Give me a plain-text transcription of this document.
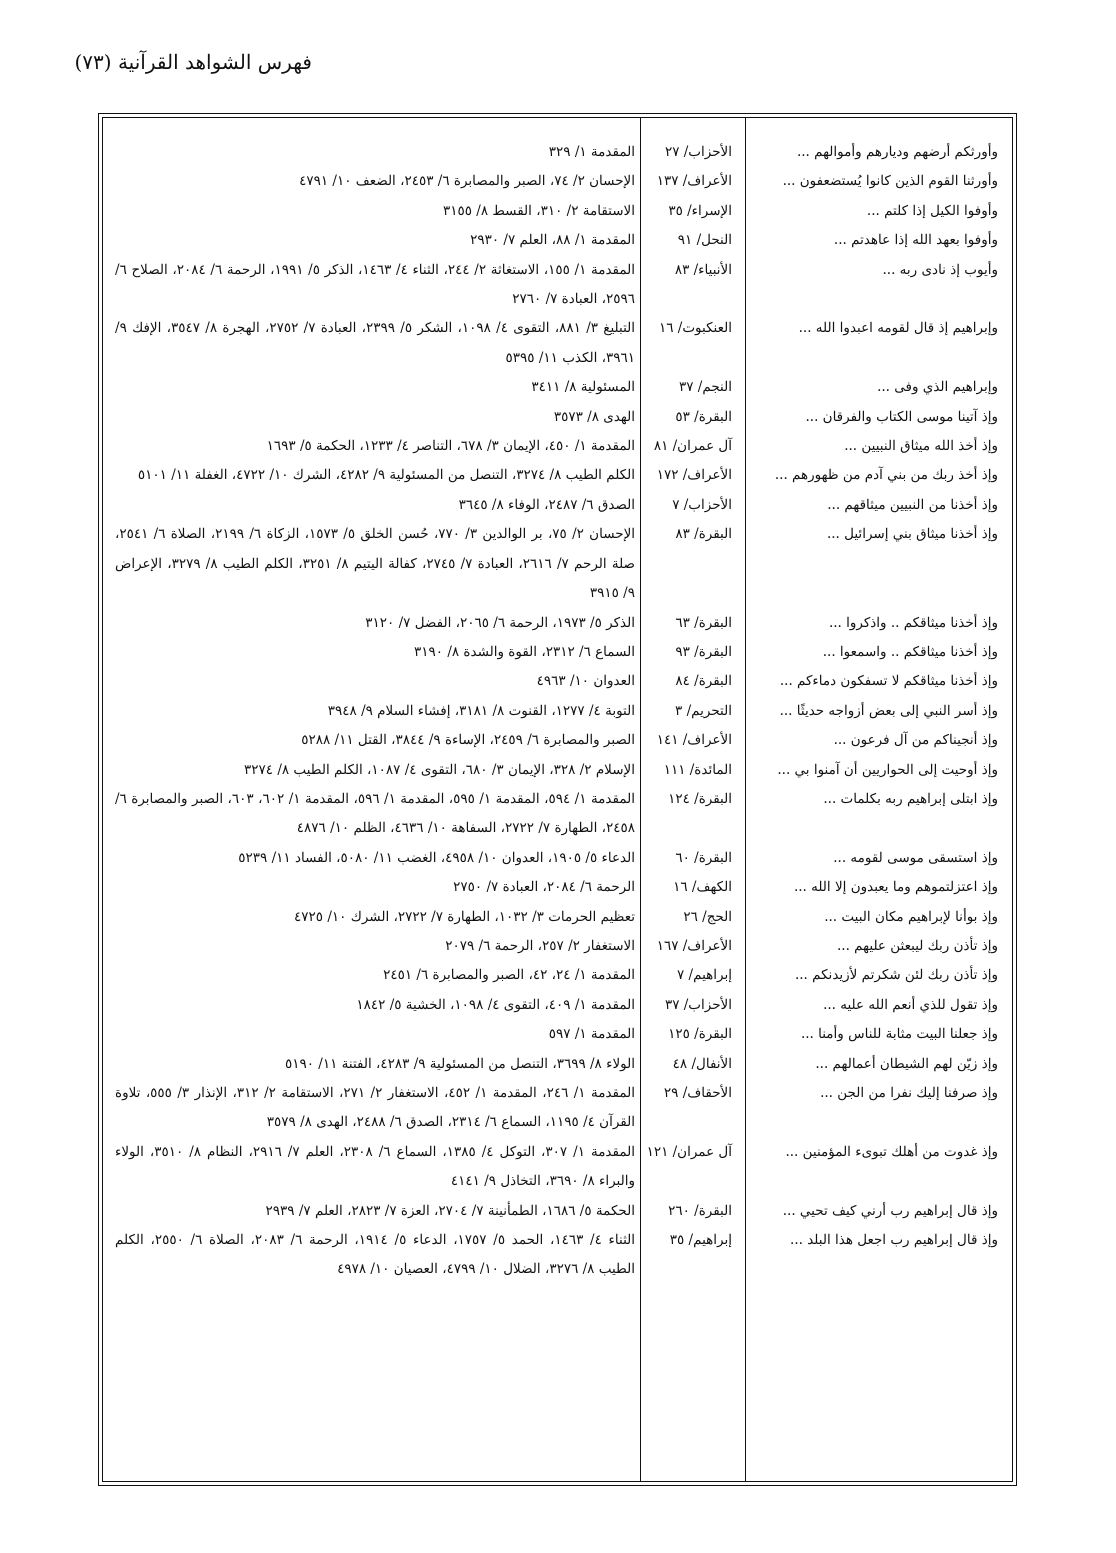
فهرس الشواهد القرآنية (٧٣)
وأورثكم أرضهم وديارهم وأموالهم ...
الأحزاب/ ٢٧
المقدمة ١/ ٣٢٩
وأورثنا القوم الذين كانوا يُستضعفون ...
الأعراف/ ١٣٧
الإحسان ٢/ ٧٤، الصبر والمصابرة ٦/ ٢٤٥٣، الضعف ١٠/ ٤٧٩١
وأوفوا الكيل إذا كلتم ...
الإسراء/ ٣٥
الاستقامة ٢/ ٣١٠، القسط ٨/ ٣١٥٥
وأوفوا بعهد الله إذا عاهدتم ...
النحل/ ٩١
المقدمة ١/ ٨٨، العلم ٧/ ٢٩٣٠
وأيوب إذ نادى ربه ...
الأنبياء/ ٨٣
المقدمة ١/ ١٥٥، الاستغاثة ٢/ ٢٤٤، الثناء ٤/ ١٤٦٣، الذكر ٥/ ١٩٩١، الرحمة ٦/ ٢٠٨٤، الصلاح ٦/ ٢٥٩٦، العبادة ٧/ ٢٧٦٠
وإبراهيم إذ قال لقومه اعبدوا الله ...
العنكبوت/ ١٦
التبليغ ٣/ ٨٨١، التقوى ٤/ ١٠٩٨، الشكر ٥/ ٢٣٩٩، العبادة ٧/ ٢٧٥٢، الهجرة ٨/ ٣٥٤٧، الإفك ٩/ ٣٩٦١، الكذب ١١/ ٥٣٩٥
وإبراهيم الذي وفى ...
النجم/ ٣٧
المسئولية ٨/ ٣٤١١
وإذ آتينا موسى الكتاب والفرقان ...
البقرة/ ٥٣
الهدى ٨/ ٣٥٧٣
وإذ أخذ الله ميثاق النبيين ...
آل عمران/ ٨١
المقدمة ١/ ٤٥٠، الإيمان ٣/ ٦٧٨، التناصر ٤/ ١٢٣٣، الحكمة ٥/ ١٦٩٣
وإذ أخذ ربك من بني آدم من ظهورهم ...
الأعراف/ ١٧٢
الكلم الطيب ٨/ ٣٢٧٤، التنصل من المسئولية ٩/ ٤٢٨٢، الشرك ١٠/ ٤٧٢٢، الغفلة ١١/ ٥١٠١
وإذ أخذنا من النبيين ميثاقهم ...
الأحزاب/ ٧
الصدق ٦/ ٢٤٨٧، الوفاء ٨/ ٣٦٤٥
وإذ أخذنا ميثاق بني إسرائيل ...
البقرة/ ٨٣
الإحسان ٢/ ٧٥، بر الوالدين ٣/ ٧٧٠، حُسن الخلق ٥/ ١٥٧٣، الزكاة ٦/ ٢١٩٩، الصلاة ٦/ ٢٥٤١، صلة الرحم ٧/ ٢٦١٦، العبادة ٧/ ٢٧٤٥، كفالة اليتيم ٨/ ٣٢٥١، الكلم الطيب ٨/ ٣٢٧٩، الإعراض ٩/ ٣٩١٥
وإذ أخذنا ميثاقكم .. واذكروا ...
البقرة/ ٦٣
الذكر ٥/ ١٩٧٣، الرحمة ٦/ ٢٠٦٥، الفضل ٧/ ٣١٢٠
وإذ أخذنا ميثاقكم .. واسمعوا ...
البقرة/ ٩٣
السماع ٦/ ٢٣١٢، القوة والشدة ٨/ ٣١٩٠
وإذ أخذنا ميثاقكم لا تسفكون دماءكم ...
البقرة/ ٨٤
العدوان ١٠/ ٤٩٦٣
وإذ أسر النبي إلى بعض أزواجه حديثًا ...
التحريم/ ٣
التوبة ٤/ ١٢٧٧، القنوت ٨/ ٣١٨١، إفشاء السلام ٩/ ٣٩٤٨
وإذ أنجيناكم من آل فرعون ...
الأعراف/ ١٤١
الصبر والمصابرة ٦/ ٢٤٥٩، الإساءة ٩/ ٣٨٤٤، القتل ١١/ ٥٢٨٨
وإذ أوحيت إلى الحواريين أن آمنوا بي ...
المائدة/ ١١١
الإسلام ٢/ ٣٢٨، الإيمان ٣/ ٦٨٠، التقوى ٤/ ١٠٨٧، الكلم الطيب ٨/ ٣٢٧٤
وإذ ابتلى إبراهيم ربه بكلمات ...
البقرة/ ١٢٤
المقدمة ١/ ٥٩٤، المقدمة ١/ ٥٩٥، المقدمة ١/ ٥٩٦، المقدمة ١/ ٦٠٢، ٦٠٣، الصبر والمصابرة ٦/ ٢٤٥٨، الطهارة ٧/ ٢٧٢٢، السفاهة ١٠/ ٤٦٣٦، الظلم ١٠/ ٤٨٧٦
وإذ استسقى موسى لقومه ...
البقرة/ ٦٠
الدعاء ٥/ ١٩٠٥، العدوان ١٠/ ٤٩٥٨، الغضب ١١/ ٥٠٨٠، الفساد ١١/ ٥٢٣٩
وإذ اعتزلتموهم وما يعبدون إلا الله ...
الكهف/ ١٦
الرحمة ٦/ ٢٠٨٤، العبادة ٧/ ٢٧٥٠
وإذ بوأنا لإبراهيم مكان البيت ...
الحج/ ٢٦
تعظيم الحرمات ٣/ ١٠٣٢، الطهارة ٧/ ٢٧٢٢، الشرك ١٠/ ٤٧٢٥
وإذ تأذن ربك ليبعثن عليهم ...
الأعراف/ ١٦٧
الاستغفار ٢/ ٢٥٧، الرحمة ٦/ ٢٠٧٩
وإذ تأذن ربك لئن شكرتم لأزيدنكم ...
إبراهيم/ ٧
المقدمة ١/ ٢٤، ٤٢، الصبر والمصابرة ٦/ ٢٤٥١
وإذ تقول للذي أنعم الله عليه ...
الأحزاب/ ٣٧
المقدمة ١/ ٤٠٩، التقوى ٤/ ١٠٩٨، الخشية ٥/ ١٨٤٢
وإذ جعلنا البيت مثابة للناس وأمنا ...
البقرة/ ١٢٥
المقدمة ١/ ٥٩٧
وإذ زيّن لهم الشيطان أعمالهم ...
الأنفال/ ٤٨
الولاء ٨/ ٣٦٩٩، التنصل من المسئولية ٩/ ٤٢٨٣، الفتنة ١١/ ٥١٩٠
وإذ صرفنا إليك نفرا من الجن ...
الأحقاف/ ٢٩
المقدمة ١/ ٢٤٦، المقدمة ١/ ٤٥٢، الاستغفار ٢/ ٢٧١، الاستقامة ٢/ ٣١٢، الإنذار ٣/ ٥٥٥، تلاوة القرآن ٤/ ١١٩٥، السماع ٦/ ٢٣١٤، الصدق ٦/ ٢٤٨٨، الهدى ٨/ ٣٥٧٩
وإذ غدوت من أهلك تبوىء المؤمنين ...
آل عمران/ ١٢١
المقدمة ١/ ٣٠٧، التوكل ٤/ ١٣٨٥، السماع ٦/ ٢٣٠٨، العلم ٧/ ٢٩١٦، النظام ٨/ ٣٥١٠، الولاء والبراء ٨/ ٣٦٩٠، التخاذل ٩/ ٤١٤١
وإذ قال إبراهيم رب أرني كيف تحيي ...
البقرة/ ٢٦٠
الحكمة ٥/ ١٦٨٦، الطمأنينة ٧/ ٢٧٠٤، العزة ٧/ ٢٨٢٣، العلم ٧/ ٢٩٣٩
وإذ قال إبراهيم رب اجعل هذا البلد ...
إبراهيم/ ٣٥
الثناء ٤/ ١٤٦٣، الحمد ٥/ ١٧٥٧، الدعاء ٥/ ١٩١٤، الرحمة ٦/ ٢٠٨٣، الصلاة ٦/ ٢٥٥٠، الكلم الطيب ٨/ ٣٢٧٦، الضلال ١٠/ ٤٧٩٩، العصيان ١٠/ ٤٩٧٨
